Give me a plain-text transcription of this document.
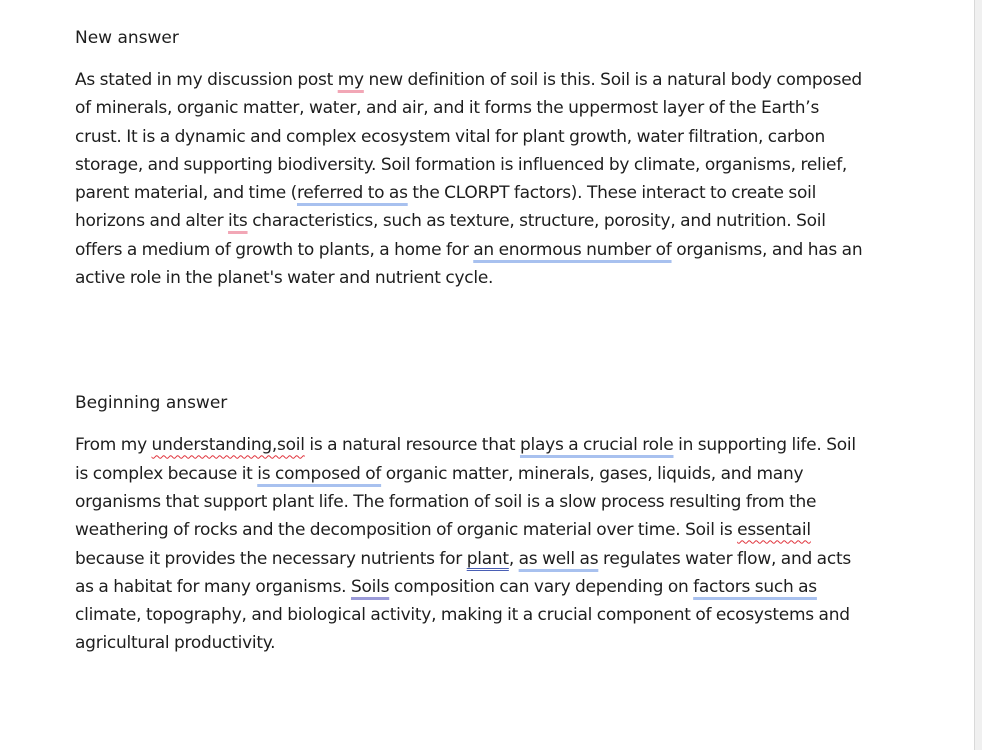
New answer

As stated in my discussion post my new definition of soil is this. Soil is a natural body composed of minerals, organic matter, water, and air, and it forms the uppermost layer of the Earth’s crust. It is a dynamic and complex ecosystem vital for plant growth, water filtration, carbon storage, and supporting biodiversity. Soil formation is influenced by climate, organisms, relief, parent material, and time (referred to as the CLORPT factors). These interact to create soil horizons and alter its characteristics, such as texture, structure, porosity, and nutrition. Soil offers a medium of growth to plants, a home for an enormous number of organisms, and has an active role in the planet's water and nutrient cycle.

Beginning answer

From my understanding,soil is a natural resource that plays a crucial role in supporting life. Soil is complex because it is composed of organic matter, minerals, gases, liquids, and many organisms that support plant life. The formation of soil is a slow process resulting from the weathering of rocks and the decomposition of organic material over time. Soil is essentail because it provides the necessary nutrients for plant, as well as regulates water flow, and acts as a habitat for many organisms. Soils composition can vary depending on factors such as climate, topography, and biological activity, making it a crucial component of ecosystems and agricultural productivity.
